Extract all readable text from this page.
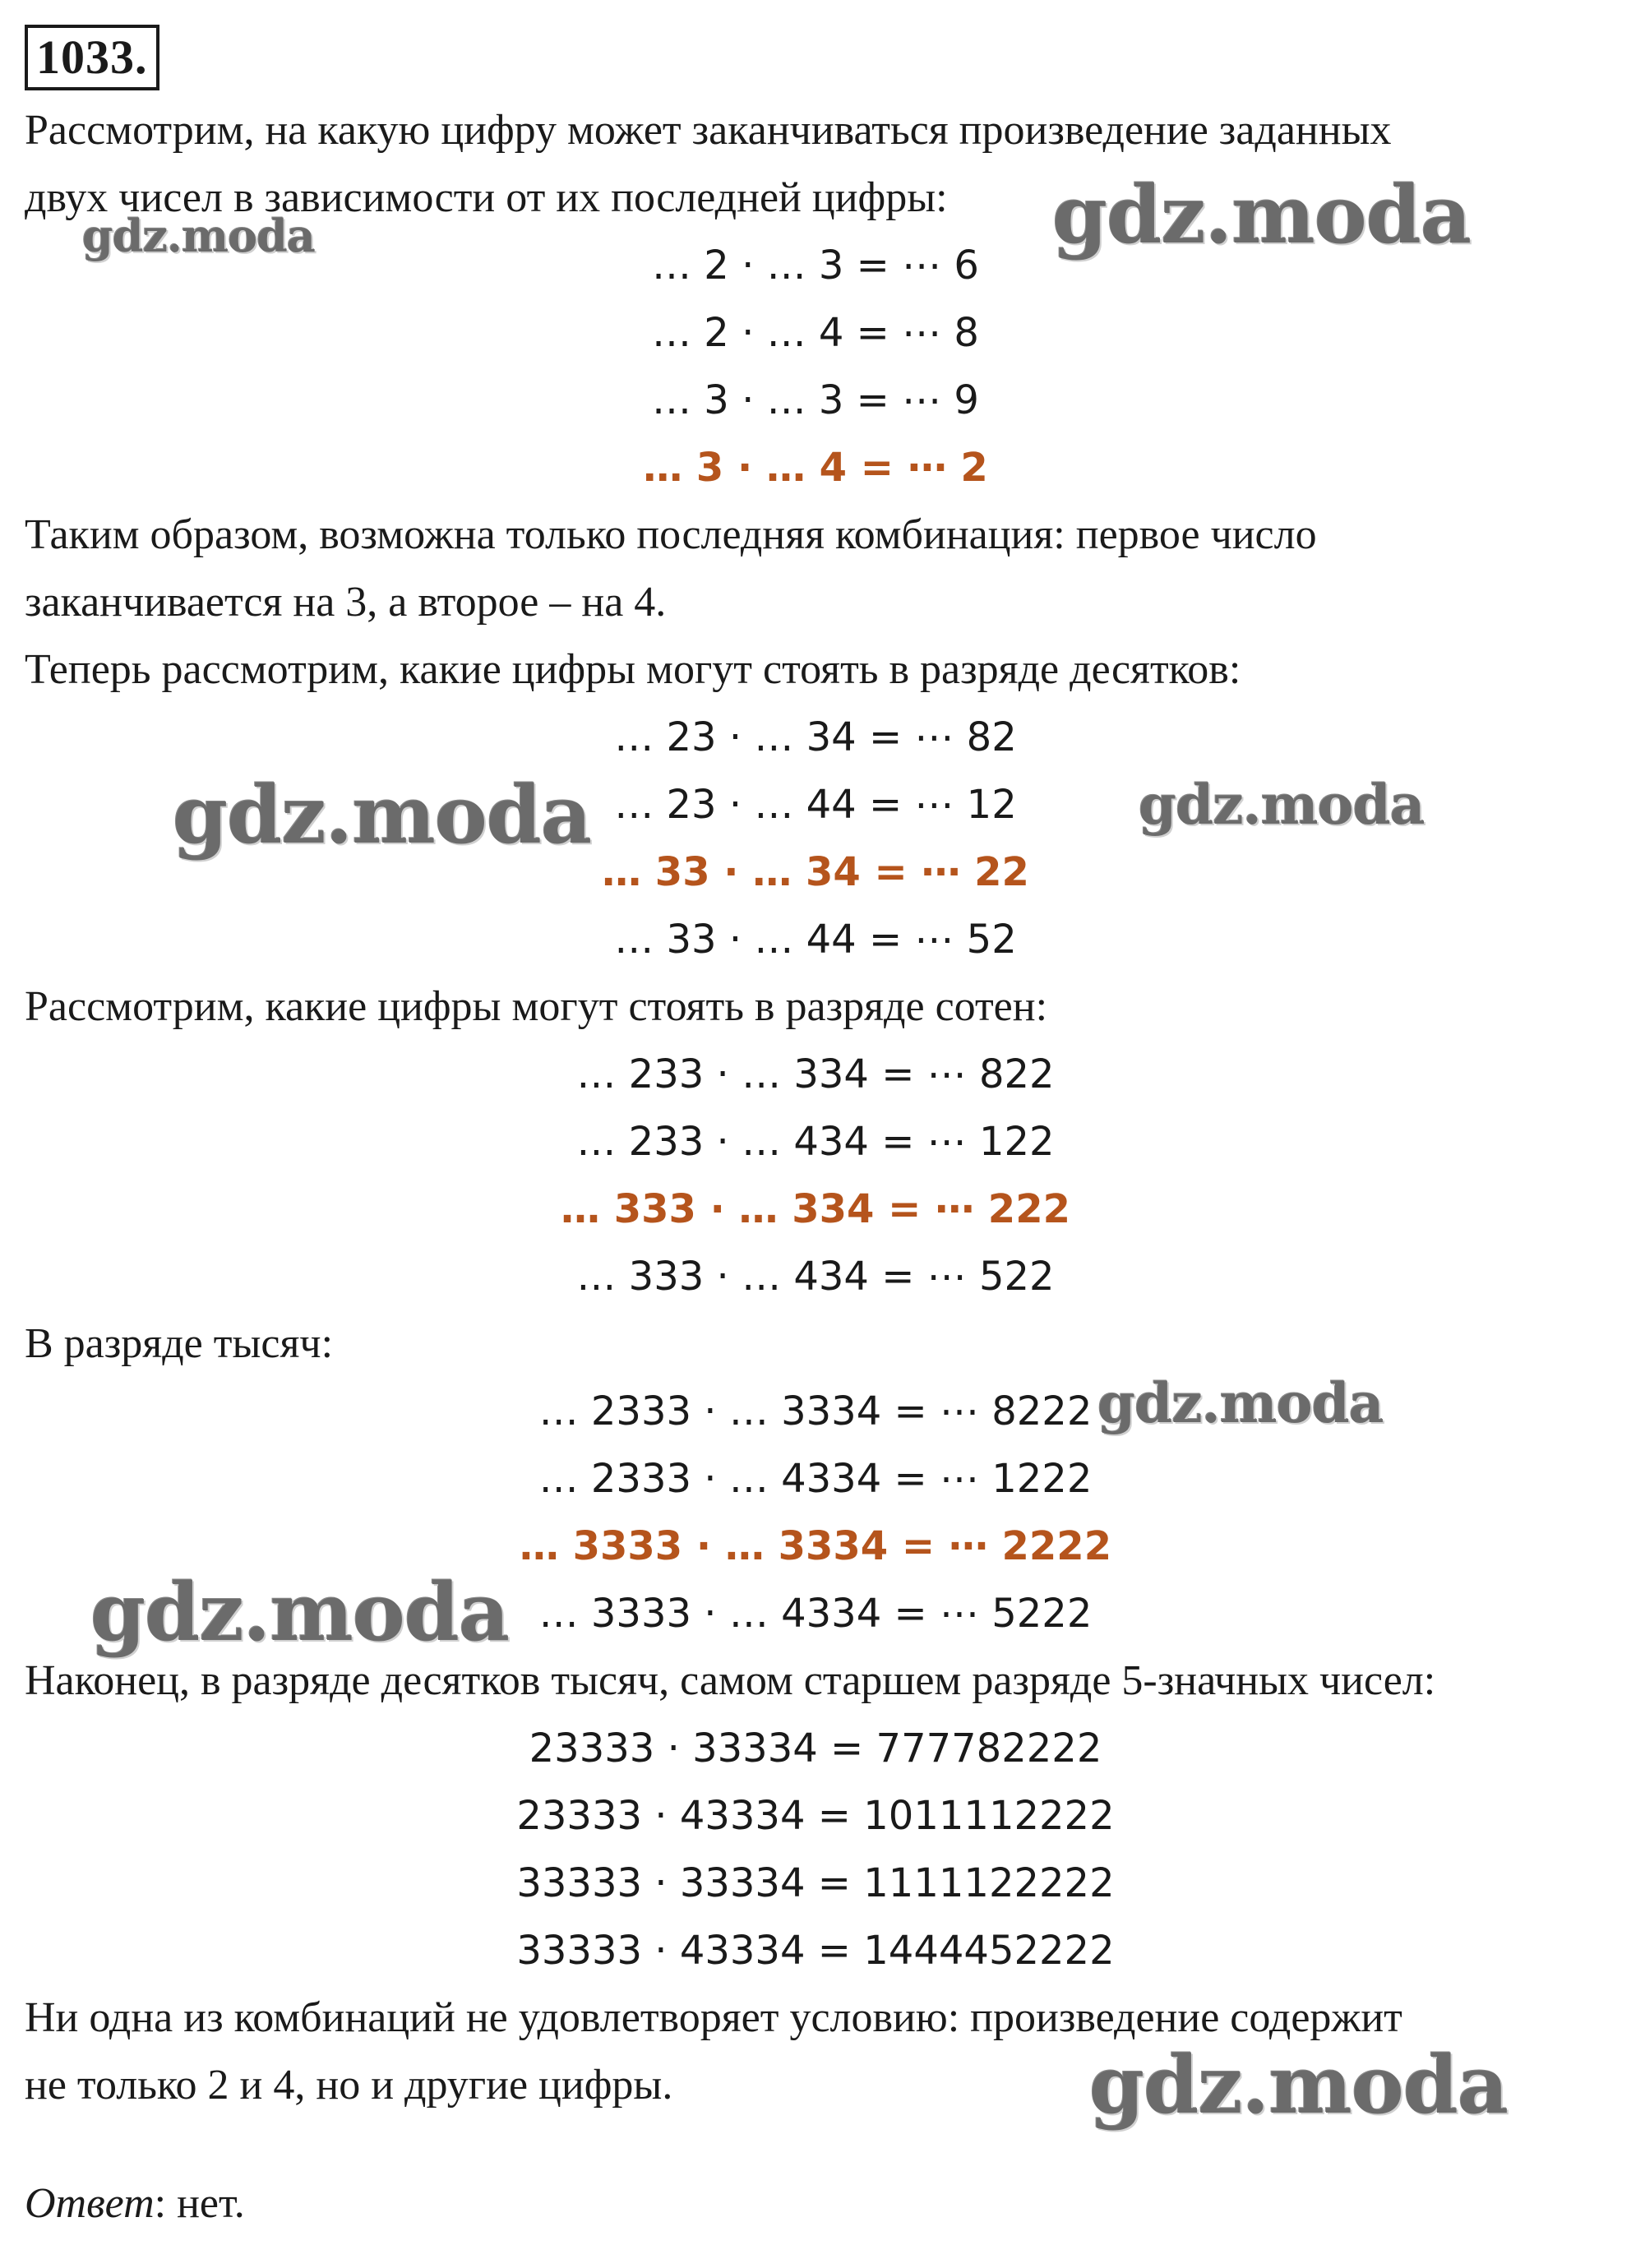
1033.
Рассмотрим, на какую цифру может заканчиваться произведение заданных
двух чисел в зависимости от их последней цифры:
… 2 · … 3 = ⋯ 6
… 2 · … 4 = ⋯ 8
… 3 · … 3 = ⋯ 9
… 3 · … 4 = ⋯ 2
Таким образом, возможна только последняя комбинация: первое число
заканчивается на 3, а второе – на 4.
Теперь рассмотрим, какие цифры могут стоять в разряде десятков:
… 23 · … 34 = ⋯ 82
… 23 · … 44 = ⋯ 12
… 33 · … 34 = ⋯ 22
… 33 · … 44 = ⋯ 52
Рассмотрим, какие цифры могут стоять в разряде сотен:
… 233 · … 334 = ⋯ 822
… 233 · … 434 = ⋯ 122
… 333 · … 334 = ⋯ 222
… 333 · … 434 = ⋯ 522
В разряде тысяч:
… 2333 · … 3334 = ⋯ 8222
… 2333 · … 4334 = ⋯ 1222
… 3333 · … 3334 = ⋯ 2222
… 3333 · … 4334 = ⋯ 5222
Наконец, в разряде десятков тысяч, самом старшем разряде 5-значных чисел:
23333 · 33334 = 777782222
23333 · 43334 = 1011112222
33333 · 33334 = 1111122222
33333 · 43334 = 1444452222
Ни одна из комбинаций не удовлетворяет условию: произведение содержит
не только 2 и 4, но и другие цифры.
Ответ: нет.
gdz.moda	gdz.moda
gdz.moda	gdz.moda
gdz.moda
gdz.moda
gdz.moda
